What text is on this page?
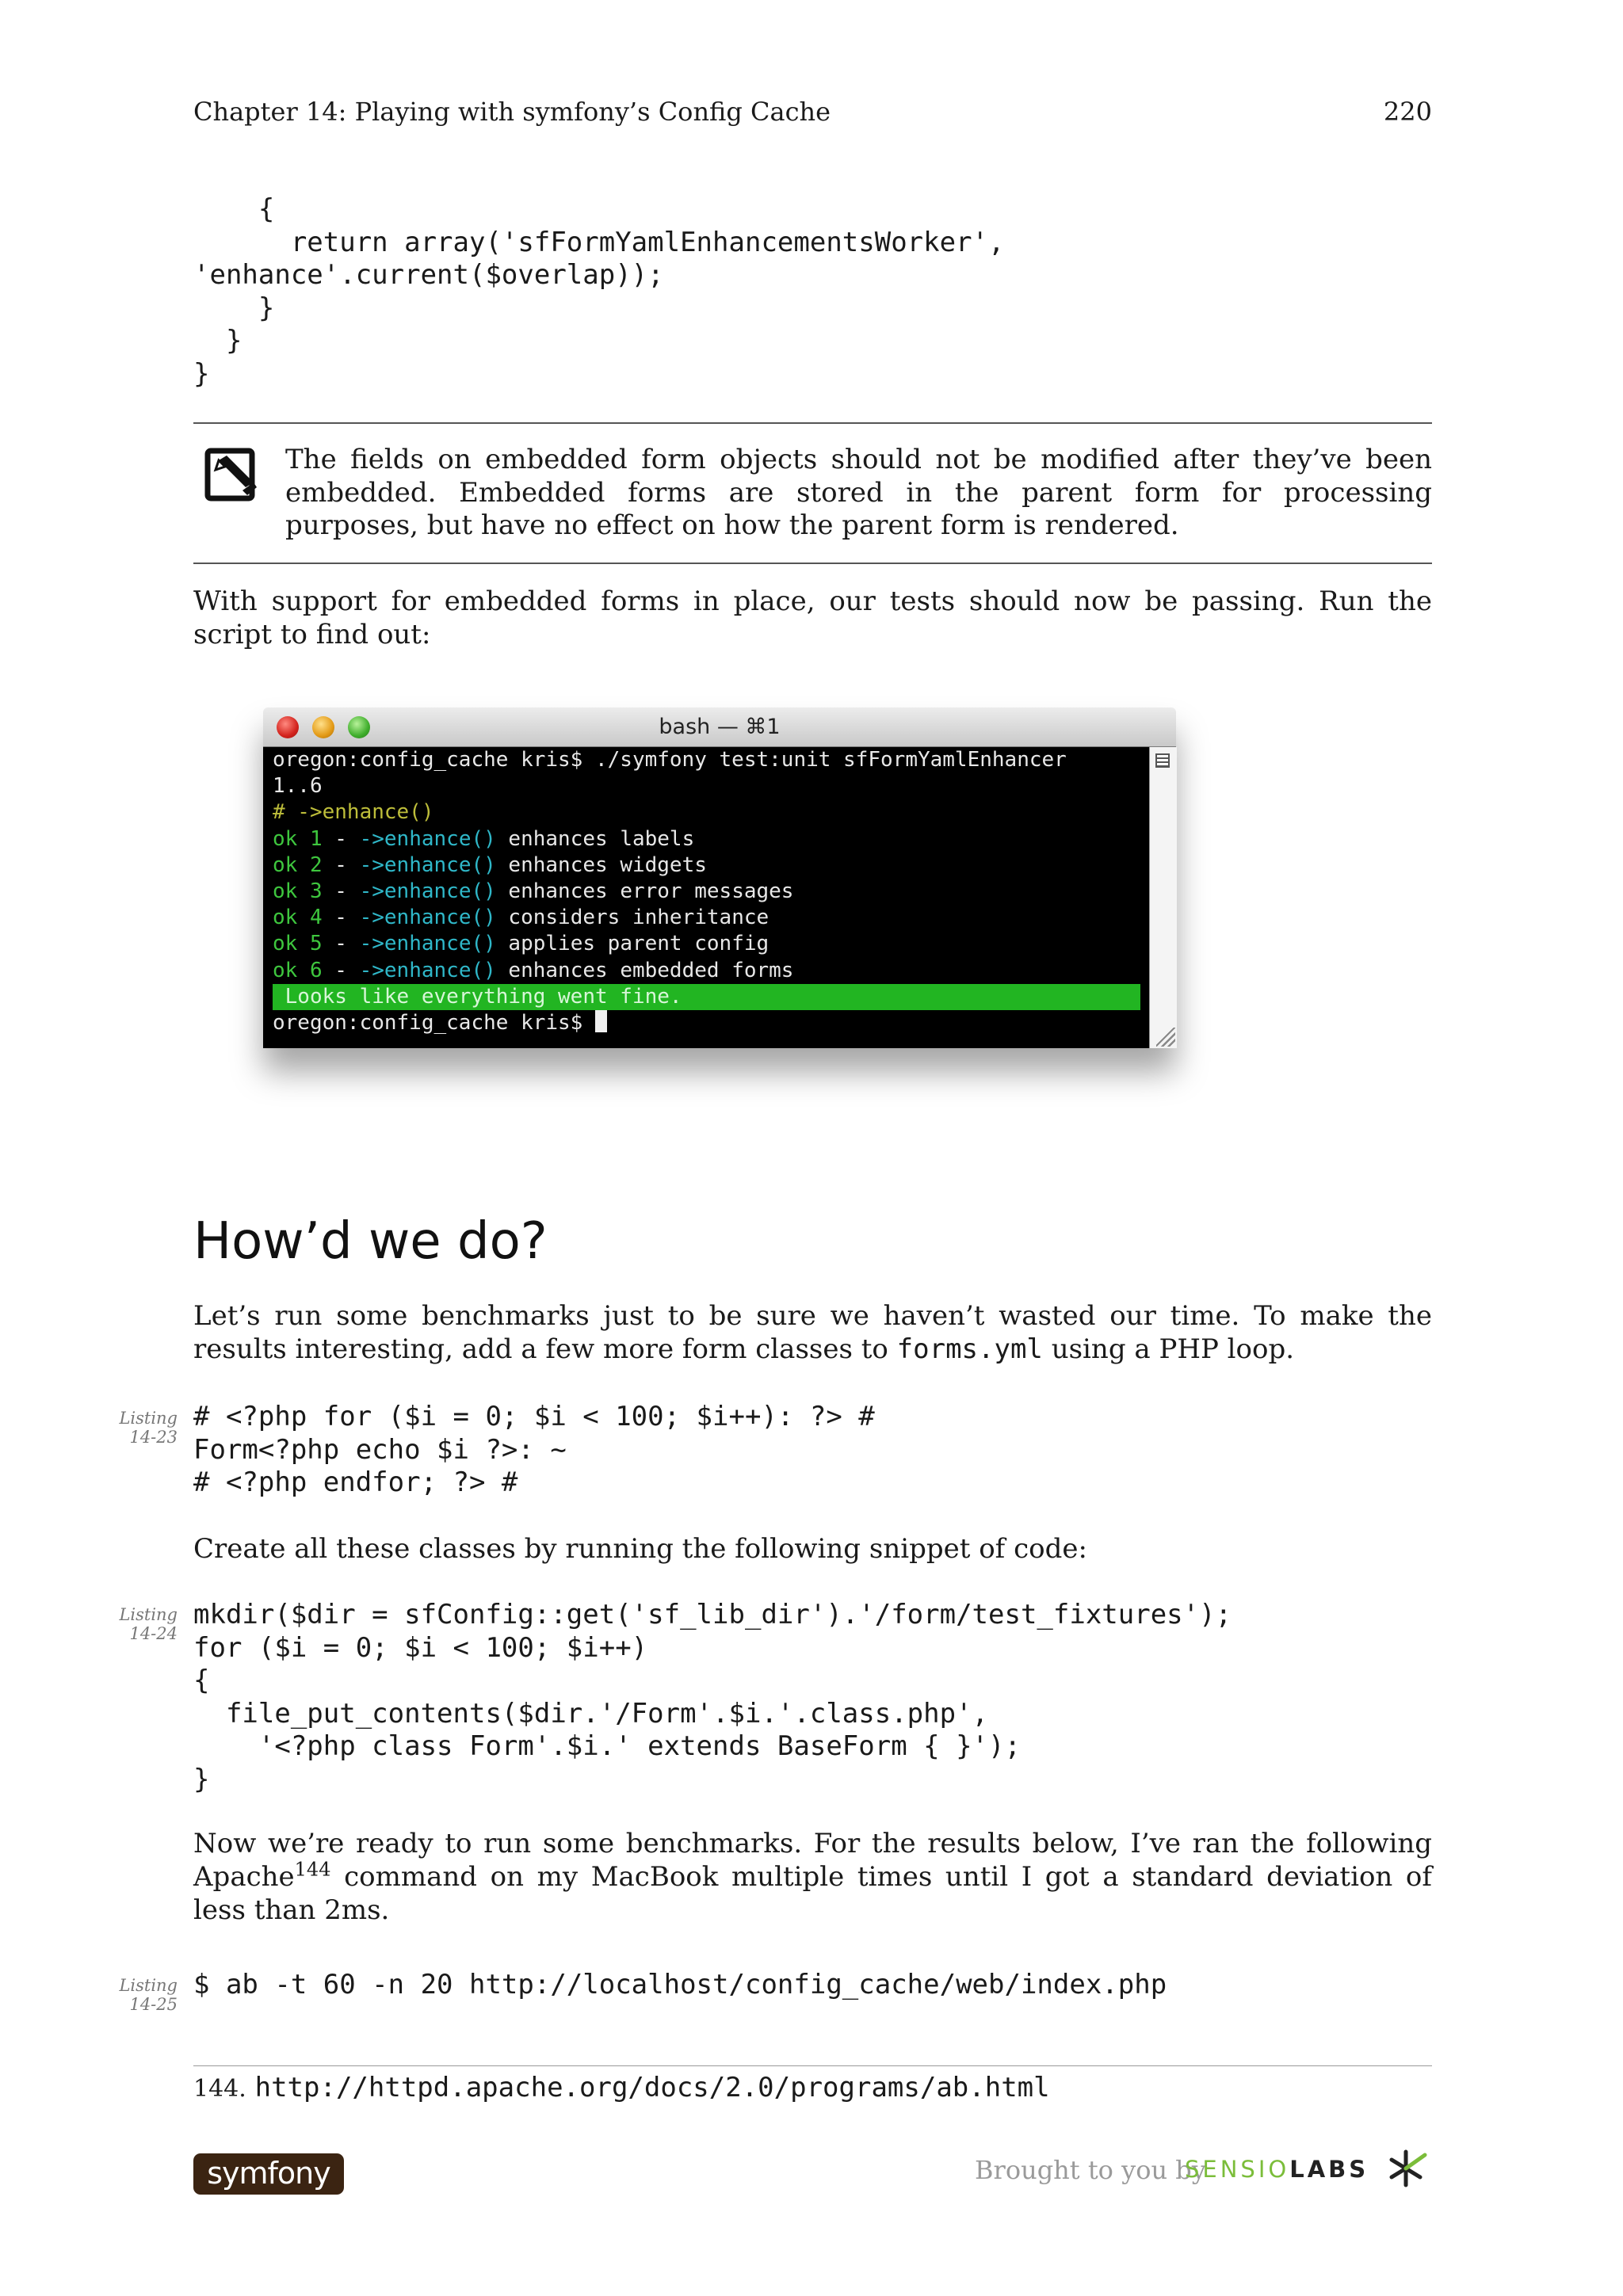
Chapter 14: Playing with symfony’s Config Cache	220
{
return array('sfFormYamlEnhancementsWorker',
'enhance'.current($overlap));
}
}
}
The fields on embedded form objects should not be modified after they’ve been embedded. Embedded forms are stored in the parent form for processing purposes, but have no effect on how the parent form is rendered.
With support for embedded forms in place, our tests should now be passing. Run the script to find out:
bash — ⌘1
oregon:config_cache kris$ ./symfony test:unit sfFormYamlEnhancer
1..6
# ->enhance()
ok 1 - ->enhance() enhances labels
ok 2 - ->enhance() enhances widgets
ok 3 - ->enhance() enhances error messages
ok 4 - ->enhance() considers inheritance
ok 5 - ->enhance() applies parent config
ok 6 - ->enhance() enhances embedded forms
Looks like everything went fine.
oregon:config_cache kris$
How’d we do?
Let’s run some benchmarks just to be sure we haven’t wasted our time. To make the results interesting, add a few more form classes to forms.yml using a PHP loop.
Listing
14-23
# <?php for ($i = 0; $i < 100; $i++): ?> #
Form<?php echo $i ?>: ~
# <?php endfor; ?> #
Create all these classes by running the following snippet of code:
Listing
14-24
mkdir($dir = sfConfig::get('sf_lib_dir').'/form/test_fixtures');
for ($i = 0; $i < 100; $i++)
{
file_put_contents($dir.'/Form'.$i.'.class.php',
'<?php class Form'.$i.' extends BaseForm { }');
}
Now we’re ready to run some benchmarks. For the results below, I’ve ran the following Apache$^{144}$ command on my MacBook multiple times until I got a standard deviation of less than 2ms.
Listing
14-25
$ ab -t 60 -n 20 http://localhost/config_cache/web/index.php
144. http://httpd.apache.org/docs/2.0/programs/ab.html
symfony	Brought to you by
SENSIOLABS
